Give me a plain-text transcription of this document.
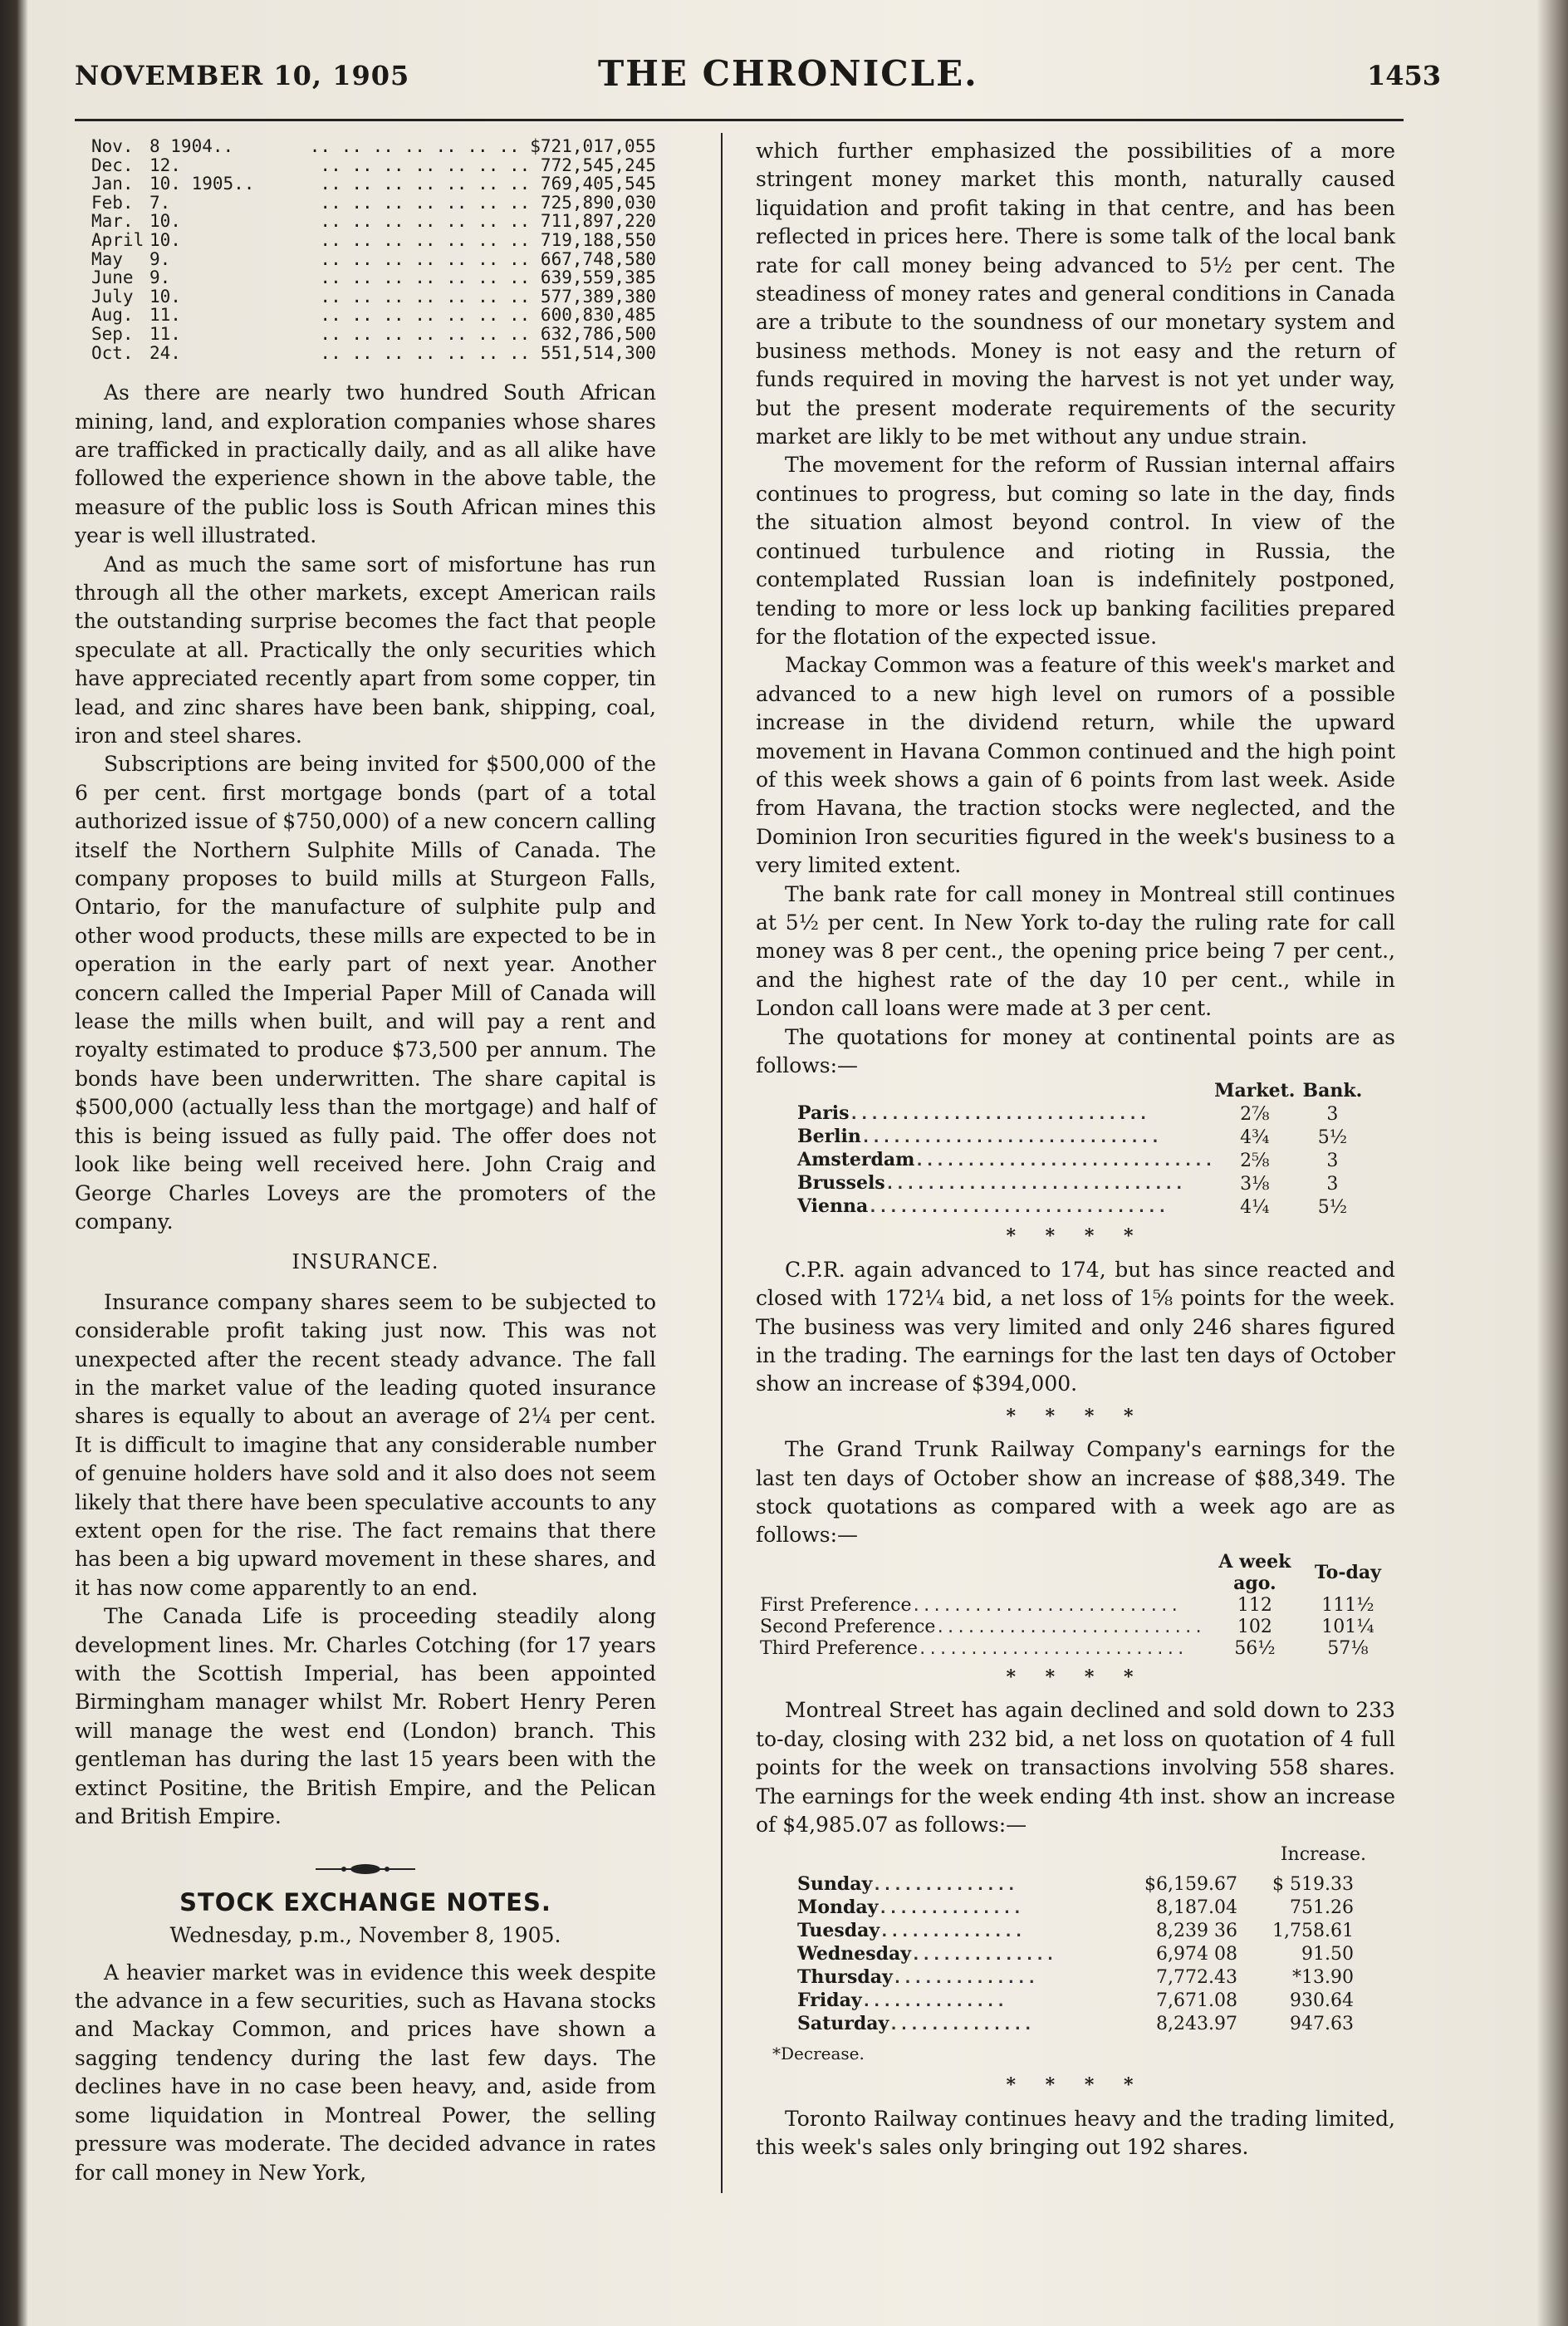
NOVEMBER 10, 1905	THE CHRONICLE.	1453
Nov.	8 1904..	.. .. .. .. .. .. .. $721,017,055
Dec.	12.	.. .. .. .. .. .. .. 772,545,245
Jan.	10. 1905..	.. .. .. .. .. .. .. 769,405,545
Feb.	7.	.. .. .. .. .. .. .. 725,890,030
Mar.	10.	.. .. .. .. .. .. .. 711,897,220
April	10.	.. .. .. .. .. .. .. 719,188,550
May	9.	.. .. .. .. .. .. .. 667,748,580
June	9.	.. .. .. .. .. .. .. 639,559,385
July	10.	.. .. .. .. .. .. .. 577,389,380
Aug.	11.	.. .. .. .. .. .. .. 600,830,485
Sep.	11.	.. .. .. .. .. .. .. 632,786,500
Oct.	24.	.. .. .. .. .. .. .. 551,514,300

As there are nearly two hundred South African mining, land, and exploration companies whose shares are trafficked in practically daily, and as all alike have followed the experience shown in the above table, the measure of the public loss is South African mines this year is well illustrated.

And as much the same sort of misfortune has run through all the other markets, except American rails the outstanding surprise becomes the fact that people speculate at all. Practically the only securities which have appreciated recently apart from some copper, tin lead, and zinc shares have been bank, shipping, coal, iron and steel shares.

Subscriptions are being invited for $500,000 of the 6 per cent. first mortgage bonds (part of a total authorized issue of $750,000) of a new concern calling itself the Northern Sulphite Mills of Canada. The company proposes to build mills at Sturgeon Falls, Ontario, for the manufacture of sulphite pulp and other wood products, these mills are expected to be in operation in the early part of next year. Another concern called the Imperial Paper Mill of Canada will lease the mills when built, and will pay a rent and royalty estimated to produce $73,500 per annum. The bonds have been underwritten. The share capital is $500,000 (actually less than the mortgage) and half of this is being issued as fully paid. The offer does not look like being well received here. John Craig and George Charles Loveys are the promoters of the company.

INSURANCE.

Insurance company shares seem to be subjected to considerable profit taking just now. This was not unexpected after the recent steady advance. The fall in the market value of the leading quoted insurance shares is equally to about an average of 2¼ per cent. It is difficult to imagine that any considerable number of genuine holders have sold and it also does not seem likely that there have been speculative accounts to any extent open for the rise. The fact remains that there has been a big upward movement in these shares, and it has now come apparently to an end.

The Canada Life is proceeding steadily along development lines. Mr. Charles Cotching (for 17 years with the Scottish Imperial, has been appointed Birmingham manager whilst Mr. Robert Henry Peren will manage the west end (London) branch. This gentleman has during the last 15 years been with the extinct Positine, the British Empire, and the Pelican and British Empire.

STOCK EXCHANGE NOTES.
Wednesday, p.m., November 8, 1905.

A heavier market was in evidence this week despite the advance in a few securities, such as Havana stocks and Mackay Common, and prices have shown a sagging tendency during the last few days. The declines have in no case been heavy, and, aside from some liquidation in Montreal Power, the selling pressure was moderate. The decided advance in rates for call money in New York,

which further emphasized the possibilities of a more stringent money market this month, naturally caused liquidation and profit taking in that centre, and has been reflected in prices here. There is some talk of the local bank rate for call money being advanced to 5½ per cent. The steadiness of money rates and general conditions in Canada are a tribute to the soundness of our monetary system and business methods. Money is not easy and the return of funds required in moving the harvest is not yet under way, but the present moderate requirements of the security market are likly to be met without any undue strain.

The movement for the reform of Russian internal affairs continues to progress, but coming so late in the day, finds the situation almost beyond control. In view of the continued turbulence and rioting in Russia, the contemplated Russian loan is indefinitely postponed, tending to more or less lock up banking facilities prepared for the flotation of the expected issue.

Mackay Common was a feature of this week's market and advanced to a new high level on rumors of a possible increase in the dividend return, while the upward movement in Havana Common continued and the high point of this week shows a gain of 6 points from last week. Aside from Havana, the traction stocks were neglected, and the Dominion Iron securities figured in the week's business to a very limited extent.

The bank rate for call money in Montreal still continues at 5½ per cent. In New York to-day the ruling rate for call money was 8 per cent., the opening price being 7 per cent., and the highest rate of the day 10 per cent., while in London call loans were made at 3 per cent.

The quotations for money at continental points are as follows:—

	Market.	Bank.
Paris.............................	2⅞	3
Berlin.............................	4¾	5½
Amsterdam.............................	2⅝	3
Brussels.............................	3⅛	3
Vienna.............................	4¼	5½
* * * *

C.P.R. again advanced to 174, but has since reacted and closed with 172¼ bid, a net loss of 1⅝ points for the week. The business was very limited and only 246 shares figured in the trading. The earnings for the last ten days of October show an increase of $394,000.

* * * *

The Grand Trunk Railway Company's earnings for the last ten days of October show an increase of $88,349. The stock quotations as compared with a week ago are as follows:—

	A week ago.	To-day
First Preference..........................	112	111½
Second Preference..........................	102	101¼
Third Preference..........................	56½	57⅛
* * * *

Montreal Street has again declined and sold down to 233 to-day, closing with 232 bid, a net loss on quotation of 4 full points for the week on transactions involving 558 shares. The earnings for the week ending 4th inst. show an increase of $4,985.07 as follows:—

Increase.
Sunday..............	$6,159.67	$ 519.33
Monday..............	8,187.04	751.26
Tuesday..............	8,239 36	1,758.61
Wednesday..............	6,974 08	91.50
Thursday..............	7,772.43	*13.90
Friday..............	7,671.08	930.64
Saturday..............	8,243.97	947.63
*Decrease.
* * * *

Toronto Railway continues heavy and the trading limited, this week's sales only bringing out 192 shares.
